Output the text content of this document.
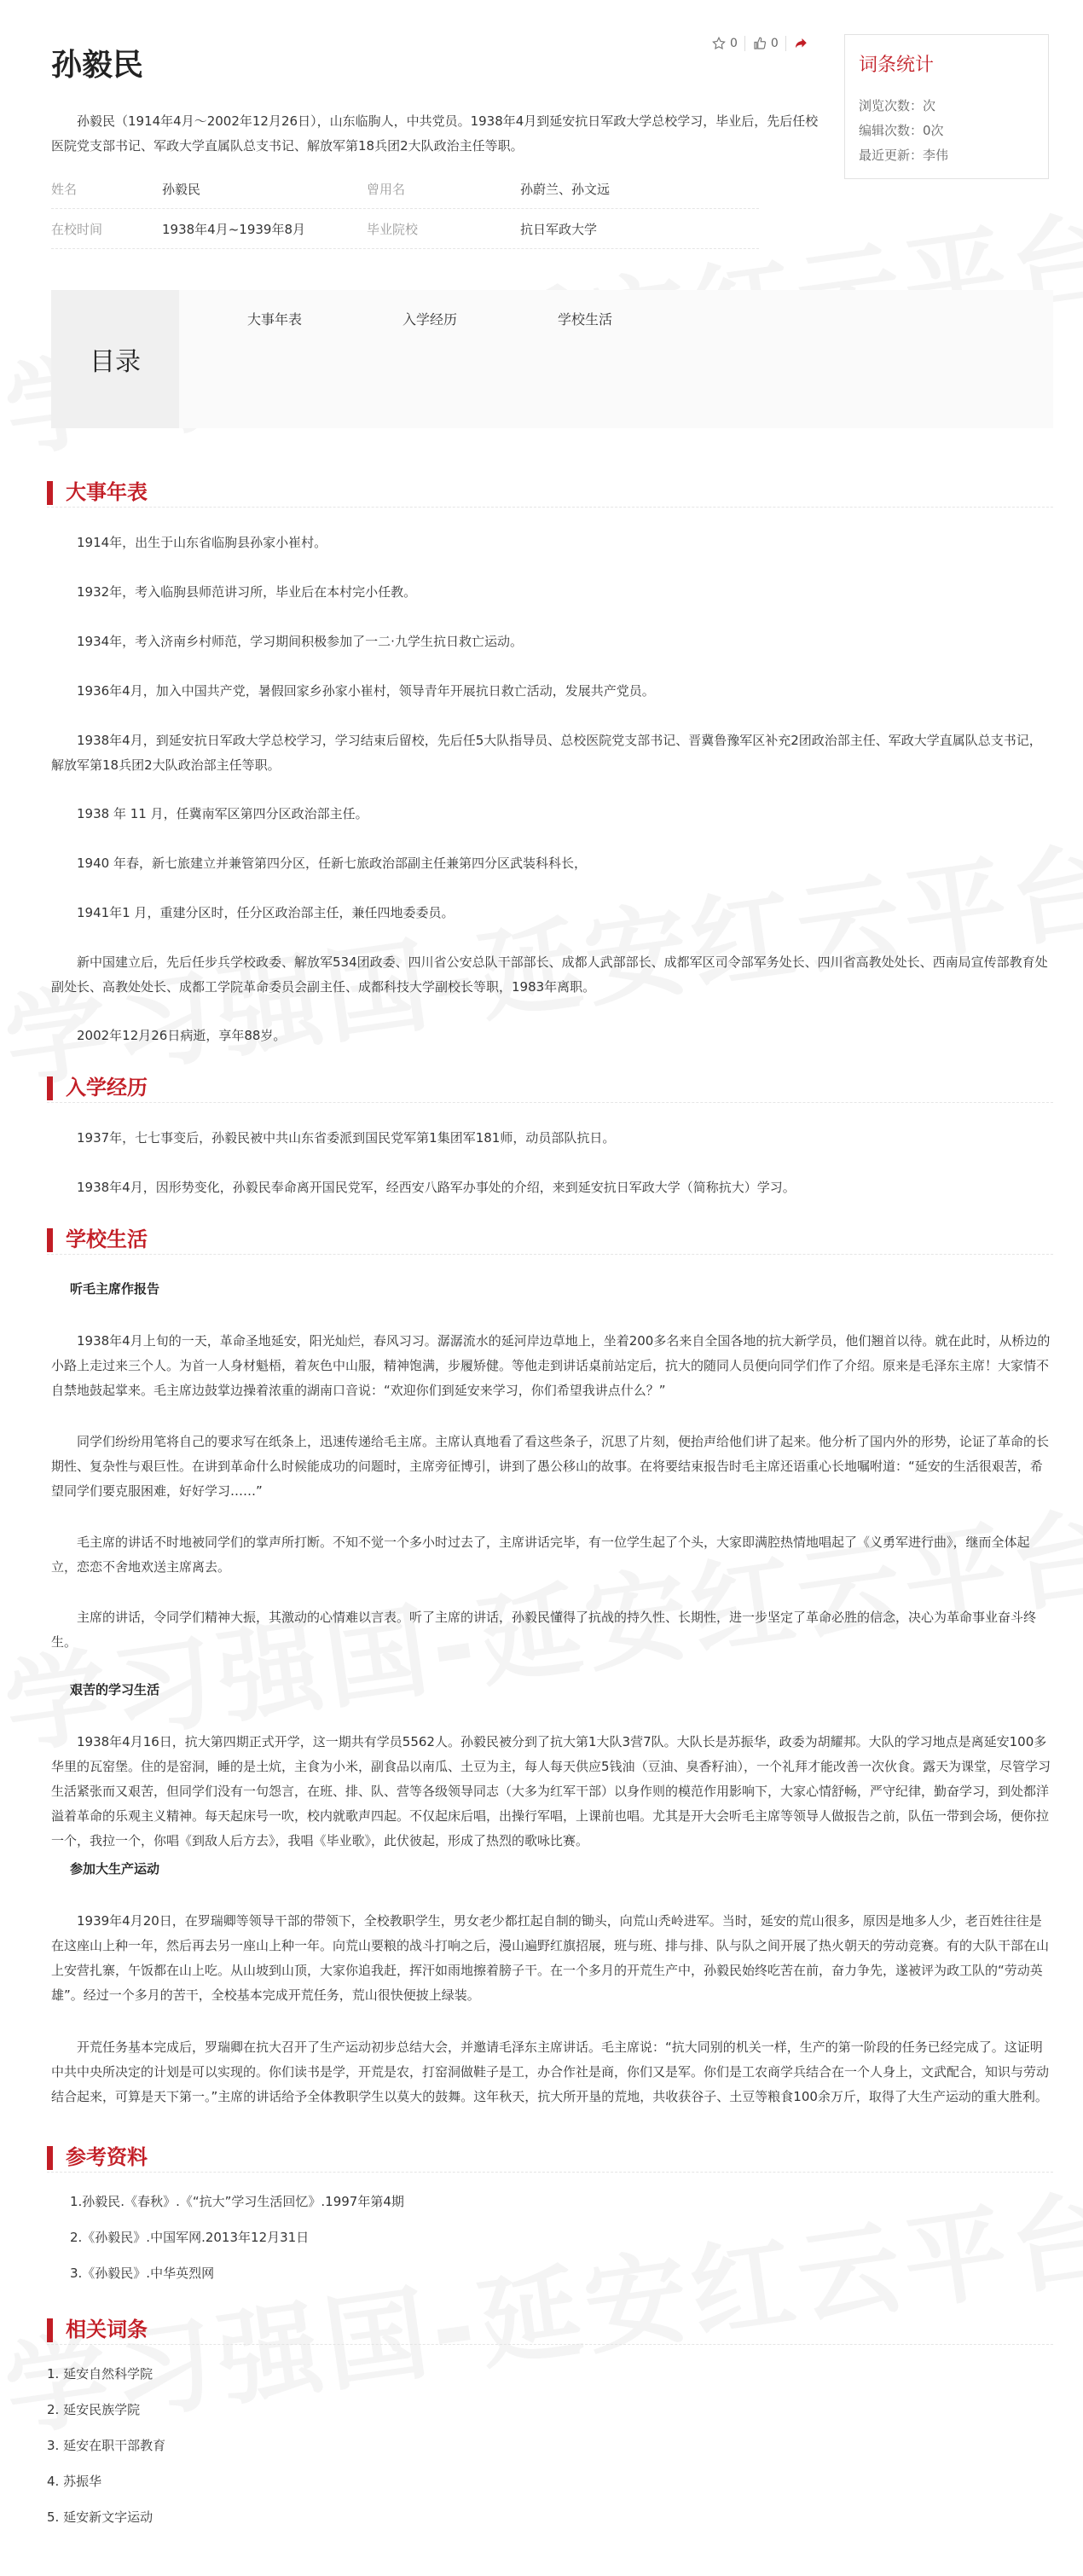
孙毅民
0	0
词条统计
浏览次数：次
编辑次数：0次
最近更新：李伟

孙毅民（1914年4月～2002年12月26日），山东临朐人，中共党员。1938年4月到延安抗日军政大学总校学习，毕业后，先后任校医院党支部书记、军政大学直属队总支书记、解放军第18兵团2大队政治主任等职。

姓名	孙毅民	曾用名	孙蔚兰、孙文远
在校时间	1938年4月~1939年8月	毕业院校	抗日军政大学
目录
大事年表	入学经历	学校生活
大事年表

1914年，出生于山东省临朐县孙家小崔村。

1932年，考入临朐县师范讲习所，毕业后在本村完小任教。

1934年，考入济南乡村师范，学习期间积极参加了一二·九学生抗日救亡运动。

1936年4月，加入中国共产党，暑假回家乡孙家小崔村，领导青年开展抗日救亡活动，发展共产党员。

1938年4月，到延安抗日军政大学总校学习，学习结束后留校，先后任5大队指导员、总校医院党支部书记、晋冀鲁豫军区补充2团政治部主任、军政大学直属队总支书记，解放军第18兵团2大队政治部主任等职。

1938 年 11 月，任冀南军区第四分区政治部主任。

1940 年春，新七旅建立并兼管第四分区，任新七旅政治部副主任兼第四分区武装科科长，

1941年1 月，重建分区时，任分区政治部主任，兼任四地委委员。

新中国建立后，先后任步兵学校政委、解放军534团政委、四川省公安总队干部部长、成都人武部部长、成都军区司令部军务处长、四川省高教处处长、西南局宣传部教育处副处长、高教处处长、成都工学院革命委员会副主任、成都科技大学副校长等职，1983年离职。

2002年12月26日病逝，享年88岁。

入学经历

1937年，七七事变后，孙毅民被中共山东省委派到国民党军第1集团军181师，动员部队抗日。

1938年4月，因形势变化，孙毅民奉命离开国民党军，经西安八路军办事处的介绍，来到延安抗日军政大学（简称抗大）学习。

学校生活

听毛主席作报告

1938年4月上旬的一天，革命圣地延安，阳光灿烂，春风习习。潺潺流水的延河岸边草地上，坐着200多名来自全国各地的抗大新学员，他们翘首以待。就在此时，从桥边的小路上走过来三个人。为首一人身材魁梧，着灰色中山服，精神饱满，步履矫健。等他走到讲话桌前站定后，抗大的随同人员便向同学们作了介绍。原来是毛泽东主席！大家情不自禁地鼓起掌来。毛主席边鼓掌边操着浓重的湖南口音说：“欢迎你们到延安来学习，你们希望我讲点什么？”

同学们纷纷用笔将自己的要求写在纸条上，迅速传递给毛主席。主席认真地看了看这些条子，沉思了片刻，便抬声给他们讲了起来。他分析了国内外的形势，论证了革命的长期性、复杂性与艰巨性。在讲到革命什么时候能成功的问题时，主席旁征博引，讲到了愚公移山的故事。在将要结束报告时毛主席还语重心长地嘱咐道：“延安的生活很艰苦，希望同学们要克服困难，好好学习……”

毛主席的讲话不时地被同学们的掌声所打断。不知不觉一个多小时过去了，主席讲话完毕，有一位学生起了个头，大家即满腔热情地唱起了《义勇军进行曲》，继而全体起立，恋恋不舍地欢送主席离去。

主席的讲话，令同学们精神大振，其激动的心情难以言表。听了主席的讲话，孙毅民懂得了抗战的持久性、长期性，进一步坚定了革命必胜的信念，决心为革命事业奋斗终生。

艰苦的学习生活

1938年4月16日，抗大第四期正式开学，这一期共有学员5562人。孙毅民被分到了抗大第1大队3营7队。大队长是苏振华，政委为胡耀邦。大队的学习地点是离延安100多华里的瓦窑堡。住的是窑洞，睡的是土炕，主食为小米，副食品以南瓜、土豆为主，每人每天供应5钱油（豆油、臭香籽油），一个礼拜才能改善一次伙食。露天为课堂，尽管学习生活紧张而又艰苦，但同学们没有一句怨言，在班、排、队、营等各级领导同志（大多为红军干部）以身作则的模范作用影响下，大家心情舒畅，严守纪律，勤奋学习，到处都洋溢着革命的乐观主义精神。每天起床号一吹，校内就歌声四起。不仅起床后唱，出操行军唱，上课前也唱。尤其是开大会听毛主席等领导人做报告之前，队伍一带到会场，便你拉一个，我拉一个，你唱《到敌人后方去》，我唱《毕业歌》，此伏彼起，形成了热烈的歌咏比赛。

参加大生产运动

1939年4月20日，在罗瑞卿等领导干部的带领下，全校教职学生，男女老少都扛起自制的锄头，向荒山秃岭进军。当时，延安的荒山很多，原因是地多人少，老百姓往往是在这座山上种一年，然后再去另一座山上种一年。向荒山要粮的战斗打响之后，漫山遍野红旗招展，班与班、排与排、队与队之间开展了热火朝天的劳动竞赛。有的大队干部在山上安营扎寨，午饭都在山上吃。从山坡到山顶，大家你追我赶，挥汗如雨地擦着膀子干。在一个多月的开荒生产中，孙毅民始终吃苦在前，奋力争先，遂被评为政工队的“劳动英雄”。经过一个多月的苦干，全校基本完成开荒任务，荒山很快便披上绿装。

开荒任务基本完成后，罗瑞卿在抗大召开了生产运动初步总结大会，并邀请毛泽东主席讲话。毛主席说：“抗大同别的机关一样，生产的第一阶段的任务已经完成了。这证明中共中央所决定的计划是可以实现的。你们读书是学，开荒是农，打窑洞做鞋子是工，办合作社是商，你们又是军。你们是工农商学兵结合在一个人身上，文武配合，知识与劳动结合起来，可算是天下第一。”主席的讲话给予全体教职学生以莫大的鼓舞。这年秋天，抗大所开垦的荒地，共收获谷子、土豆等粮食100余万斤，取得了大生产运动的重大胜利。

参考资料

1.孙毅民.《春秋》.《“抗大”学习生活回忆》.1997年第4期

2.《孙毅民》.中国军网.2013年12月31日

3.《孙毅民》.中华英烈网

相关词条

1. 延安自然科学院

2. 延安民族学院

3. 延安在职干部教育

4. 苏振华

5. 延安新文字运动
